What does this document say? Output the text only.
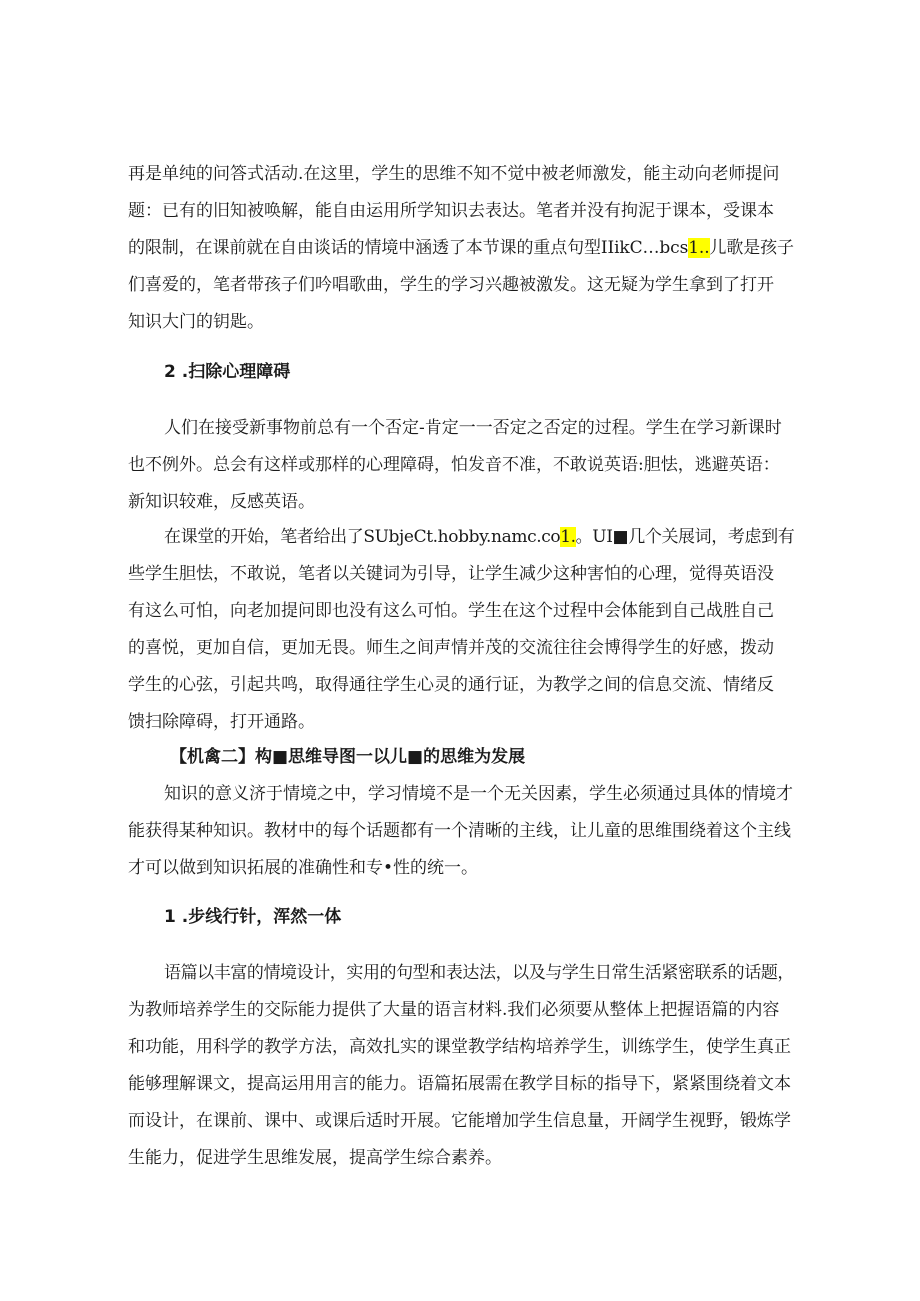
再是单纯的问答式活动.在这里，学生的思维不知不觉中被老师激发，能主动向老师提问
题：已有的旧知被唤解，能自由运用所学知识去表达。笔者并没有拘泥于课本，受课本
的限制，在课前就在自由谈话的情境中涵透了本节课的重点句型IIikC…bcs1..儿歌是孩子
们喜爱的，笔者带孩子们吟唱歌曲，学生的学习兴趣被激发。这无疑为学生拿到了打开
知识大门的钥匙。
2 .扫除心理障碍
人们在接受新事物前总有一个否定-肯定一一否定之否定的过程。学生在学习新课时
也不例外。总会有这样或那样的心理障碍，怕发音不准，不敢说英语:胆怯，逃避英语：
新知识较难，反感英语。
在课堂的开始，笔者给出了SUbjeCt.hobby.namc.co1.。UI■几个关展词，考虑到有
些学生胆怯，不敢说，笔者以关键词为引导，让学生减少这种害怕的心理，觉得英语没
有这么可怕，向老加提问即也没有这么可怕。学生在这个过程中会体能到自己战胜自己
的喜悦，更加自信，更加无畏。师生之间声情并茂的交流往往会博得学生的好感，拨动
学生的心弦，引起共鸣，取得通往学生心灵的通行证，为教学之间的信息交流、情绪反
馈扫除障碍，打开通路。
【机禽二】构■思维导图一以儿■的思维为发展
知识的意义济于情境之中，学习情境不是一个无关因素，学生必须通过具体的情境才
能获得某种知识。教材中的每个话题都有一个清晰的主线，让儿童的思维围绕着这个主线
才可以做到知识拓展的准确性和专•性的统一。
1 .步线行针，浑然一体
语篇以丰富的情境设计，实用的句型和表达法，以及与学生日常生活紧密联系的话题，
为教师培养学生的交际能力提供了大量的语言材料.我们必须要从整体上把握语篇的内容
和功能，用科学的教学方法，高效扎实的课堂教学结构培养学生，训练学生，使学生真正
能够理解课文，提高运用用言的能力。语篇拓展需在教学目标的指导下，紧紧围绕着文本
而设计，在课前、课中、或课后适时开展。它能增加学生信息量，开阔学生视野，锻炼学
生能力，促进学生思维发展，提高学生综合素养。
